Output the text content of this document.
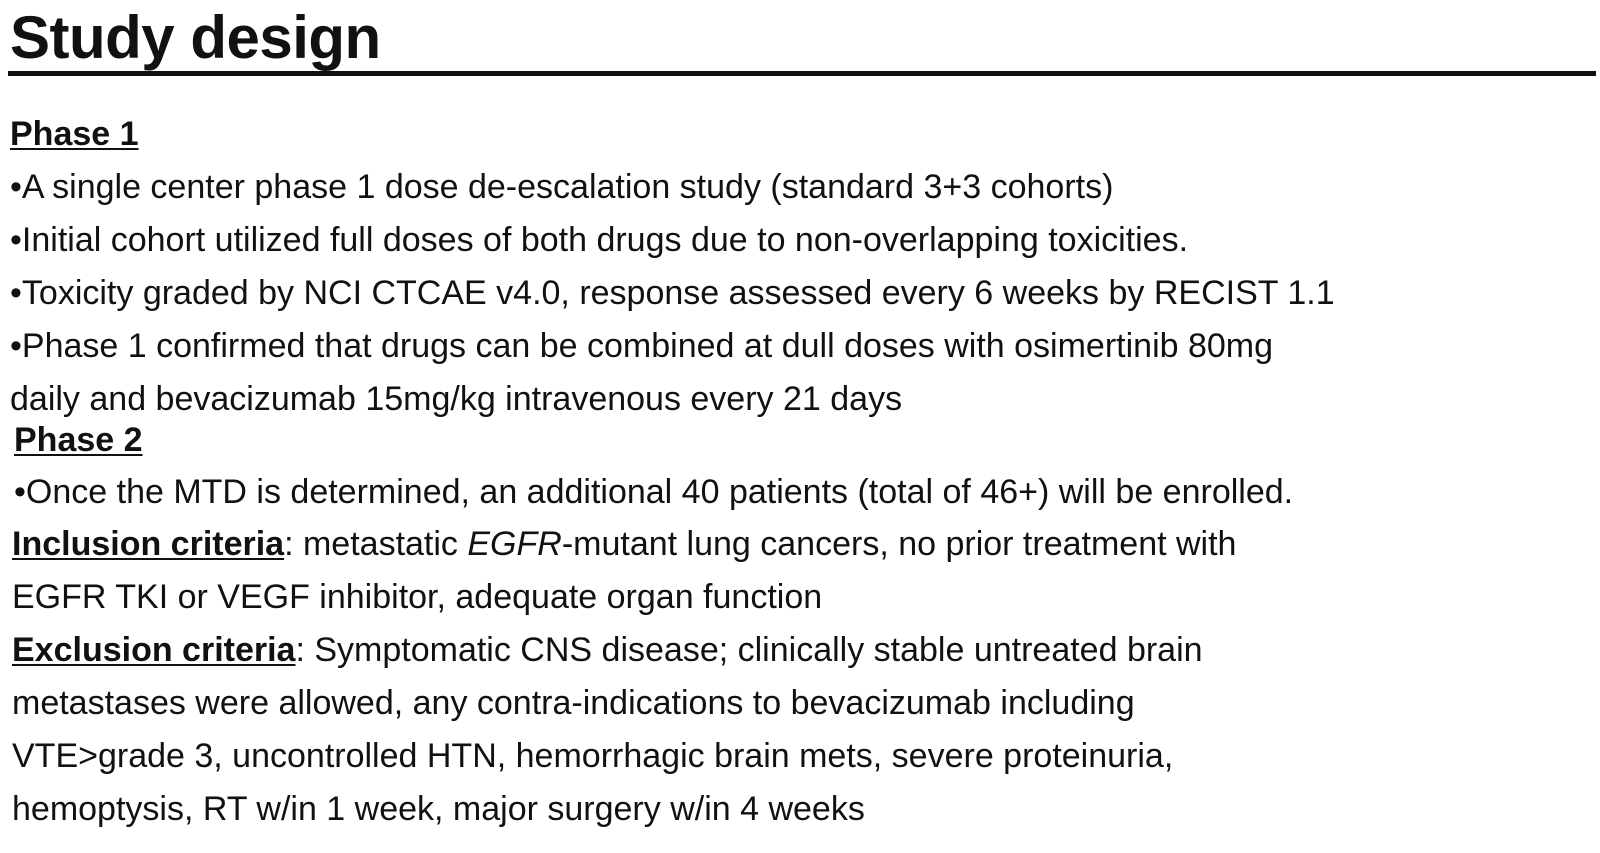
Study design
Phase 1
• A single center phase 1 dose de-escalation study (standard 3+3 cohorts)
• Initial cohort utilized full doses of both drugs due to non-overlapping toxicities.
• Toxicity graded by NCI CTCAE v4.0, response assessed every 6 weeks by RECIST 1.1
• Phase 1 confirmed that drugs can be combined at dull doses with osimertinib 80mg
daily and bevacizumab 15mg/kg intravenous every 21 days
Phase 2
• Once the MTD is determined, an additional 40 patients (total of 46+) will be enrolled.
Inclusion criteria: metastatic EGFR-mutant lung cancers, no prior treatment with
EGFR TKI or VEGF inhibitor, adequate organ function
Exclusion criteria: Symptomatic CNS disease; clinically stable untreated brain
metastases were allowed, any contra-indications to bevacizumab including
VTE>grade 3, uncontrolled HTN, hemorrhagic brain mets, severe proteinuria,
hemoptysis, RT w/in 1 week, major surgery w/in 4 weeks
